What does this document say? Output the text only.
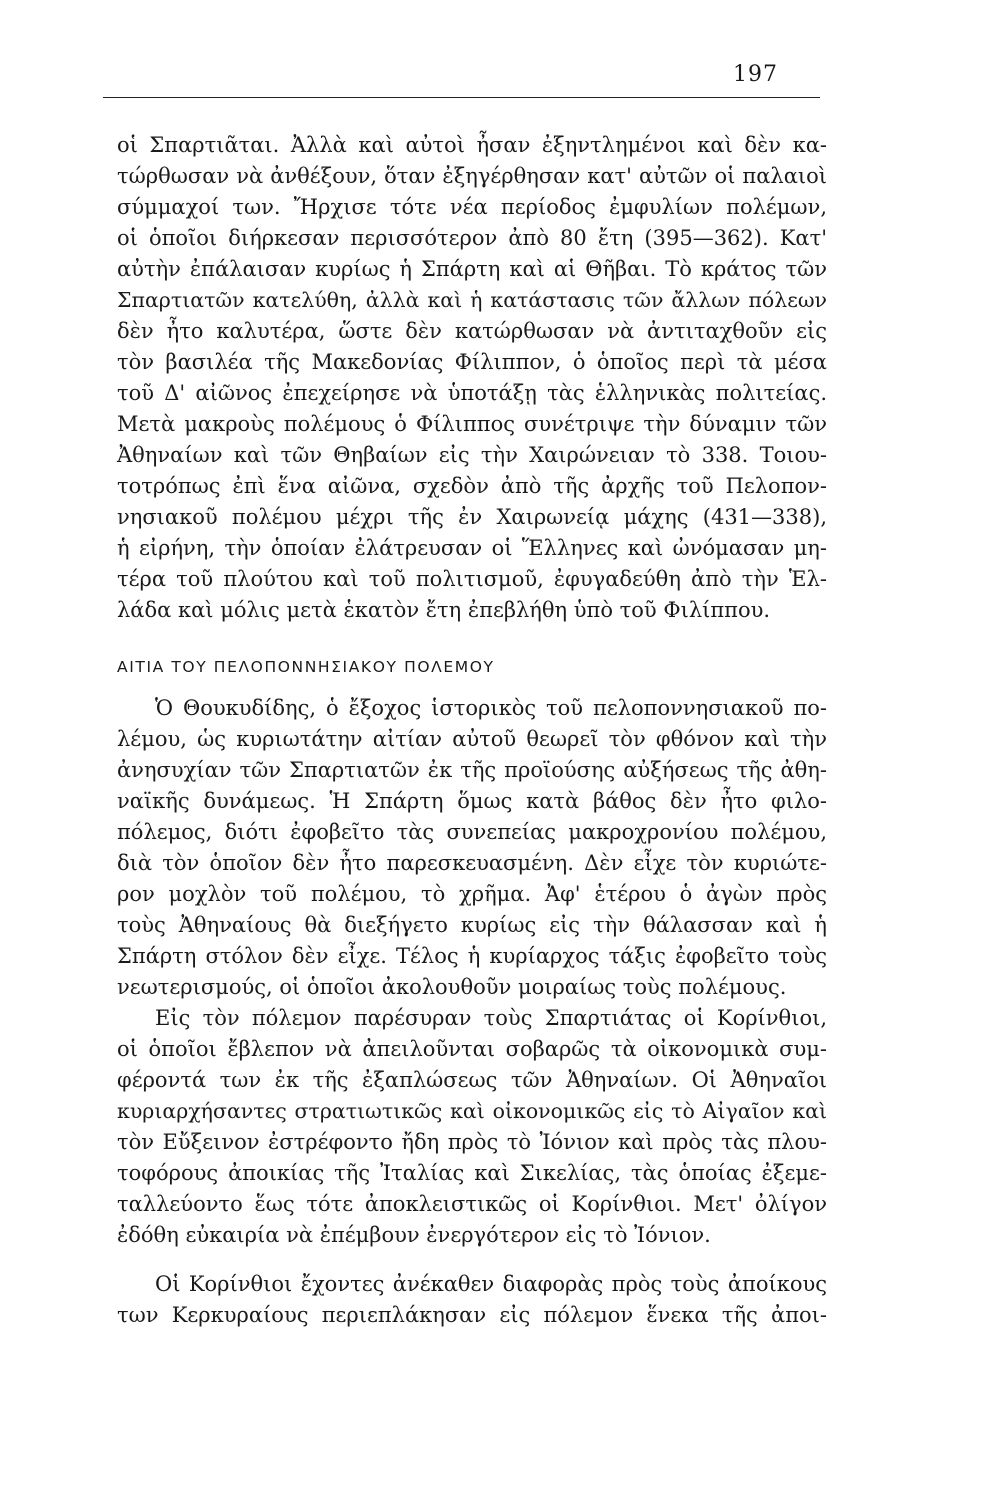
197
οἱ Σπαρτιᾶται. Ἀλλὰ καὶ αὐτοὶ ἦσαν ἐξηντλημένοι καὶ δὲν κα-
τώρθωσαν νὰ ἀνθέξουν, ὅταν ἐξηγέρθησαν κατ' αὐτῶν οἱ παλαιοὶ
σύμμαχοί των. Ἤρχισε τότε νέα περίοδος ἐμφυλίων πολέμων,
οἱ ὁποῖοι διήρκεσαν περισσότερον ἀπὸ 80 ἔτη (395—362). Κατ'
αὐτὴν ἐπάλαισαν κυρίως ἡ Σπάρτη καὶ αἱ Θῆβαι. Τὸ κράτος τῶν
Σπαρτιατῶν κατελύθη, ἀλλὰ καὶ ἡ κατάστασις τῶν ἄλλων πόλεων
δὲν ἦτο καλυτέρα, ὥστε δὲν κατώρθωσαν νὰ ἀντιταχθοῦν εἰς
τὸν βασιλέα τῆς Μακεδονίας Φίλιππον, ὁ ὁποῖος περὶ τὰ μέσα
τοῦ Δ' αἰῶνος ἐπεχείρησε νὰ ὑποτάξῃ τὰς ἑλληνικὰς πολιτείας.
Μετὰ μακροὺς πολέμους ὁ Φίλιππος συνέτριψε τὴν δύναμιν τῶν
Ἀθηναίων καὶ τῶν Θηβαίων εἰς τὴν Χαιρώνειαν τὸ 338. Τοιου-
τοτρόπως ἐπὶ ἕνα αἰῶνα, σχεδὸν ἀπὸ τῆς ἀρχῆς τοῦ Πελοπον-
νησιακοῦ πολέμου μέχρι τῆς ἐν Χαιρωνείᾳ μάχης (431—338),
ἡ εἰρήνη, τὴν ὁποίαν ἐλάτρευσαν οἱ Ἕλληνες καὶ ὠνόμασαν μη-
τέρα τοῦ πλούτου καὶ τοῦ πολιτισμοῦ, ἐφυγαδεύθη ἀπὸ τὴν Ἑλ-
λάδα καὶ μόλις μετὰ ἑκατὸν ἔτη ἐπεβλήθη ὑπὸ τοῦ Φιλίππου.
ΑΙΤΙΑ ΤΟΥ ΠΕΛΟΠΟΝΝΗΣΙΑΚΟΥ ΠΟΛΕΜΟΥ
Ὁ Θουκυδίδης, ὁ ἔξοχος ἱστορικὸς τοῦ πελοποννησιακοῦ πο-
λέμου, ὡς κυριωτάτην αἰτίαν αὐτοῦ θεωρεῖ τὸν φθόνον καὶ τὴν
ἀνησυχίαν τῶν Σπαρτιατῶν ἐκ τῆς προϊούσης αὐξήσεως τῆς ἀθη-
ναϊκῆς δυνάμεως. Ἡ Σπάρτη ὅμως κατὰ βάθος δὲν ἦτο φιλο-
πόλεμος, διότι ἐφοβεῖτο τὰς συνεπείας μακροχρονίου πολέμου,
διὰ τὸν ὁποῖον δὲν ἦτο παρεσκευασμένη. Δὲν εἶχε τὸν κυριώτε-
ρον μοχλὸν τοῦ πολέμου, τὸ χρῆμα. Ἀφ' ἑτέρου ὁ ἀγὼν πρὸς
τοὺς Ἀθηναίους θὰ διεξήγετο κυρίως εἰς τὴν θάλασσαν καὶ ἡ
Σπάρτη στόλον δὲν εἶχε. Τέλος ἡ κυρίαρχος τάξις ἐφοβεῖτο τοὺς
νεωτερισμούς, οἱ ὁποῖοι ἀκολουθοῦν μοιραίως τοὺς πολέμους.
Εἰς τὸν πόλεμον παρέσυραν τοὺς Σπαρτιάτας οἱ Κορίνθιοι,
οἱ ὁποῖοι ἔβλεπον νὰ ἀπειλοῦνται σοβαρῶς τὰ οἰκονομικὰ συμ-
φέροντά των ἐκ τῆς ἐξαπλώσεως τῶν Ἀθηναίων. Οἱ Ἀθηναῖοι
κυριαρχήσαντες στρατιωτικῶς καὶ οἰκονομικῶς εἰς τὸ Αἰγαῖον καὶ
τὸν Εὔξεινον ἐστρέφοντο ἤδη πρὸς τὸ Ἰόνιον καὶ πρὸς τὰς πλου-
τοφόρους ἀποικίας τῆς Ἰταλίας καὶ Σικελίας, τὰς ὁποίας ἐξεμε-
ταλλεύοντο ἕως τότε ἀποκλειστικῶς οἱ Κορίνθιοι. Μετ' ὀλίγον
ἐδόθη εὐκαιρία νὰ ἐπέμβουν ἐνεργότερον εἰς τὸ Ἰόνιον.
Οἱ Κορίνθιοι ἔχοντες ἀνέκαθεν διαφορὰς πρὸς τοὺς ἀποίκους
των Κερκυραίους περιεπλάκησαν εἰς πόλεμον ἕνεκα τῆς ἀποι-
